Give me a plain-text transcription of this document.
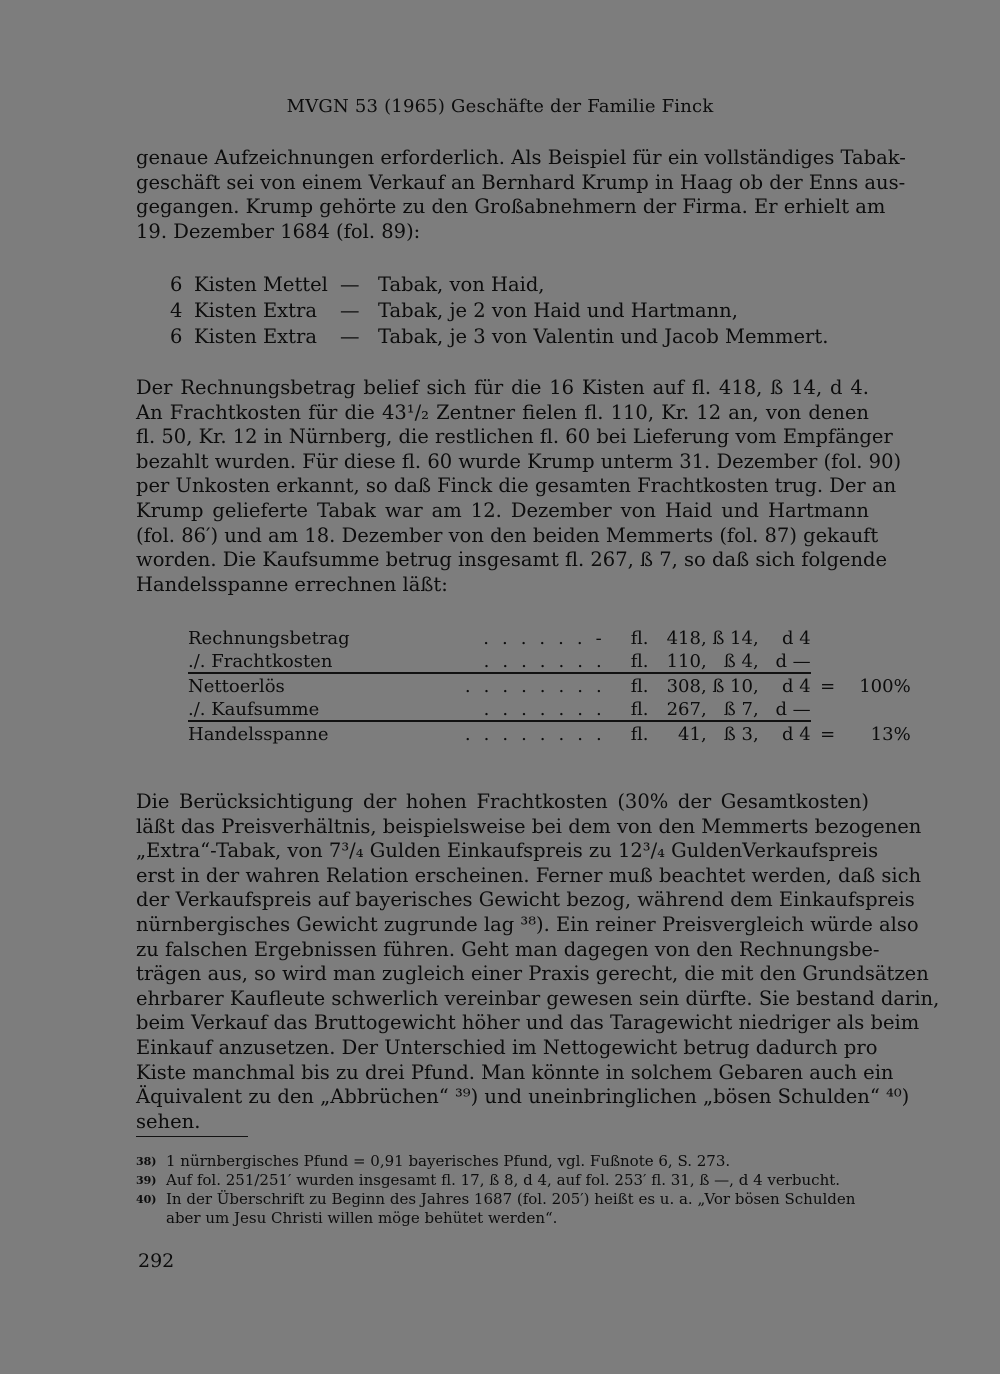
MVGN 53 (1965) Geschäfte der Familie Finck
genaue Aufzeichnungen erforderlich. Als Beispiel für ein vollständiges Tabak-
geschäft sei von einem Verkauf an Bernhard Krump in Haag ob der Enns aus-
gegangen. Krump gehörte zu den Großabnehmern der Firma. Er erhielt am
19. Dezember 1684 (fol. 89):
6 Kisten Mettel — Tabak, von Haid,
4 Kisten Extra	— Tabak, je 2 von Haid und Hartmann,
6 Kisten Extra	— Tabak, je 3 von Valentin und Jacob Memmert.
Der Rechnungsbetrag belief sich für die 16 Kisten auf fl. 418, ß 14, d 4.
An Frachtkosten für die 43¹/₂ Zentner fielen fl. 110, Kr. 12 an, von denen
fl. 50, Kr. 12 in Nürnberg, die restlichen fl. 60 bei Lieferung vom Empfänger
bezahlt wurden. Für diese fl. 60 wurde Krump unterm 31. Dezember (fol. 90)
per Unkosten erkannt, so daß Finck die gesamten Frachtkosten trug. Der an
Krump gelieferte Tabak war am 12. Dezember von Haid und Hartmann
(fol. 86′) und am 18. Dezember von den beiden Memmerts (fol. 87) gekauft
worden. Die Kaufsumme betrug insgesamt fl. 267, ß 7, so daß sich folgende
Handelsspanne errechnen läßt:
Rechnungsbetrag	......-	fl.	418,	ß 14,	d 4		
./. Frachtkosten	.......	fl.	110,	ß 4,	d —		
Nettoerlös	........	fl.	308,	ß 10,	d 4	=	100%
./. Kaufsumme	.......	fl.	267,	ß 7,	d —		
Handelsspanne	........	fl.	41,	ß 3,	d 4	=	13%
Die Berücksichtigung der hohen Frachtkosten (30% der Gesamtkosten)
läßt das Preisverhältnis, beispielsweise bei dem von den Memmerts bezogenen
„Extra“-Tabak, von 7³/₄ Gulden Einkaufspreis zu 12³/₄ GuldenVerkaufspreis
erst in der wahren Relation erscheinen. Ferner muß beachtet werden, daß sich
der Verkaufspreis auf bayerisches Gewicht bezog, während dem Einkaufspreis
nürnbergisches Gewicht zugrunde lag ³⁸). Ein reiner Preisvergleich würde also
zu falschen Ergebnissen führen. Geht man dagegen von den Rechnungsbe-
trägen aus, so wird man zugleich einer Praxis gerecht, die mit den Grundsätzen
ehrbarer Kaufleute schwerlich vereinbar gewesen sein dürfte. Sie bestand darin,
beim Verkauf das Bruttogewicht höher und das Taragewicht niedriger als beim
Einkauf anzusetzen. Der Unterschied im Nettogewicht betrug dadurch pro
Kiste manchmal bis zu drei Pfund. Man könnte in solchem Gebaren auch ein
Äquivalent zu den „Abbrüchen“ ³⁹) und uneinbringlichen „bösen Schulden“ ⁴⁰)
sehen.
38) 1 nürnbergisches Pfund = 0,91 bayerisches Pfund, vgl. Fußnote 6, S. 273.
39) Auf fol. 251/251′ wurden insgesamt fl. 17, ß 8, d 4, auf fol. 253′ fl. 31, ß —, d 4 verbucht.
40) In der Überschrift zu Beginn des Jahres 1687 (fol. 205′) heißt es u. a. „Vor bösen Schulden aber um Jesu Christi willen möge behütet werden“.
292
